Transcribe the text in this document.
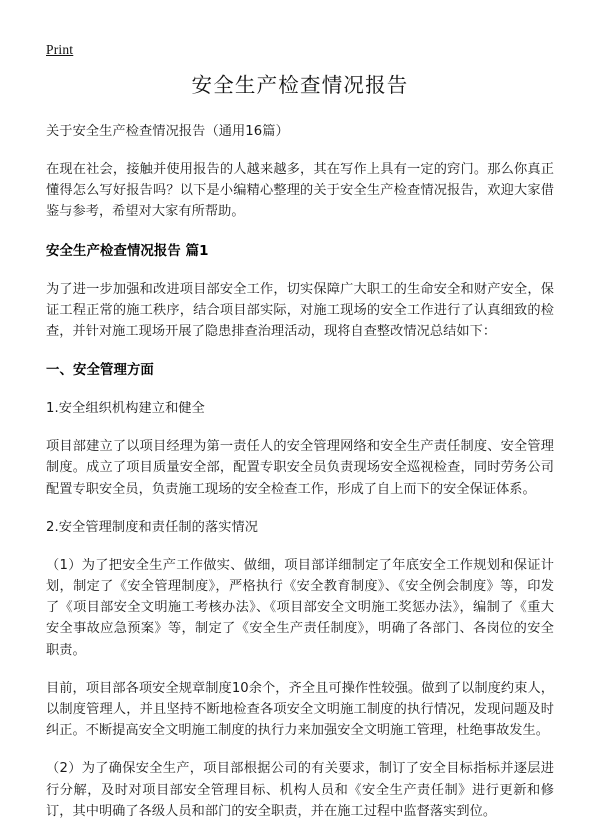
Print
安全生产检查情况报告

关于安全生产检查情况报告（通用16篇）

在现在社会，接触并使用报告的人越来越多，其在写作上具有一定的窍门。那么你真正懂得怎么写好报告吗？以下是小编精心整理的关于安全生产检查情况报告，欢迎大家借鉴与参考，希望对大家有所帮助。

安全生产检查情况报告 篇1

为了进一步加强和改进项目部安全工作，切实保障广大职工的生命安全和财产安全，保证工程正常的施工秩序，结合项目部实际，对施工现场的安全工作进行了认真细致的检查，并针对施工现场开展了隐患排查治理活动，现将自查整改情况总结如下：

一、安全管理方面
1.安全组织机构建立和健全

项目部建立了以项目经理为第一责任人的安全管理网络和安全生产责任制度、安全管理制度。成立了项目质量安全部，配置专职安全员负责现场安全巡视检查，同时劳务公司配置专职安全员，负责施工现场的安全检查工作，形成了自上而下的安全保证体系。

2.安全管理制度和责任制的落实情况

（1）为了把安全生产工作做实、做细，项目部详细制定了年底安全工作规划和保证计划，制定了《安全管理制度》，严格执行《安全教育制度》、《安全例会制度》等，印发了《项目部安全文明施工考核办法》、《项目部安全文明施工奖惩办法》，编制了《重大安全事故应急预案》等，制定了《安全生产责任制度》，明确了各部门、各岗位的安全职责。

目前，项目部各项安全规章制度10余个，齐全且可操作性较强。做到了以制度约束人，以制度管理人，并且坚持不断地检查各项安全文明施工制度的执行情况，发现问题及时纠正。不断提高安全文明施工制度的执行力来加强安全文明施工管理，杜绝事故发生。

（2）为了确保安全生产，项目部根据公司的有关要求，制订了安全目标指标并逐层进行分解，及时对项目部安全管理目标、机构人员和《安全生产责任制》进行更新和修订，其中明确了各级人员和部门的安全职责，并在施工过程中监督落实到位。
